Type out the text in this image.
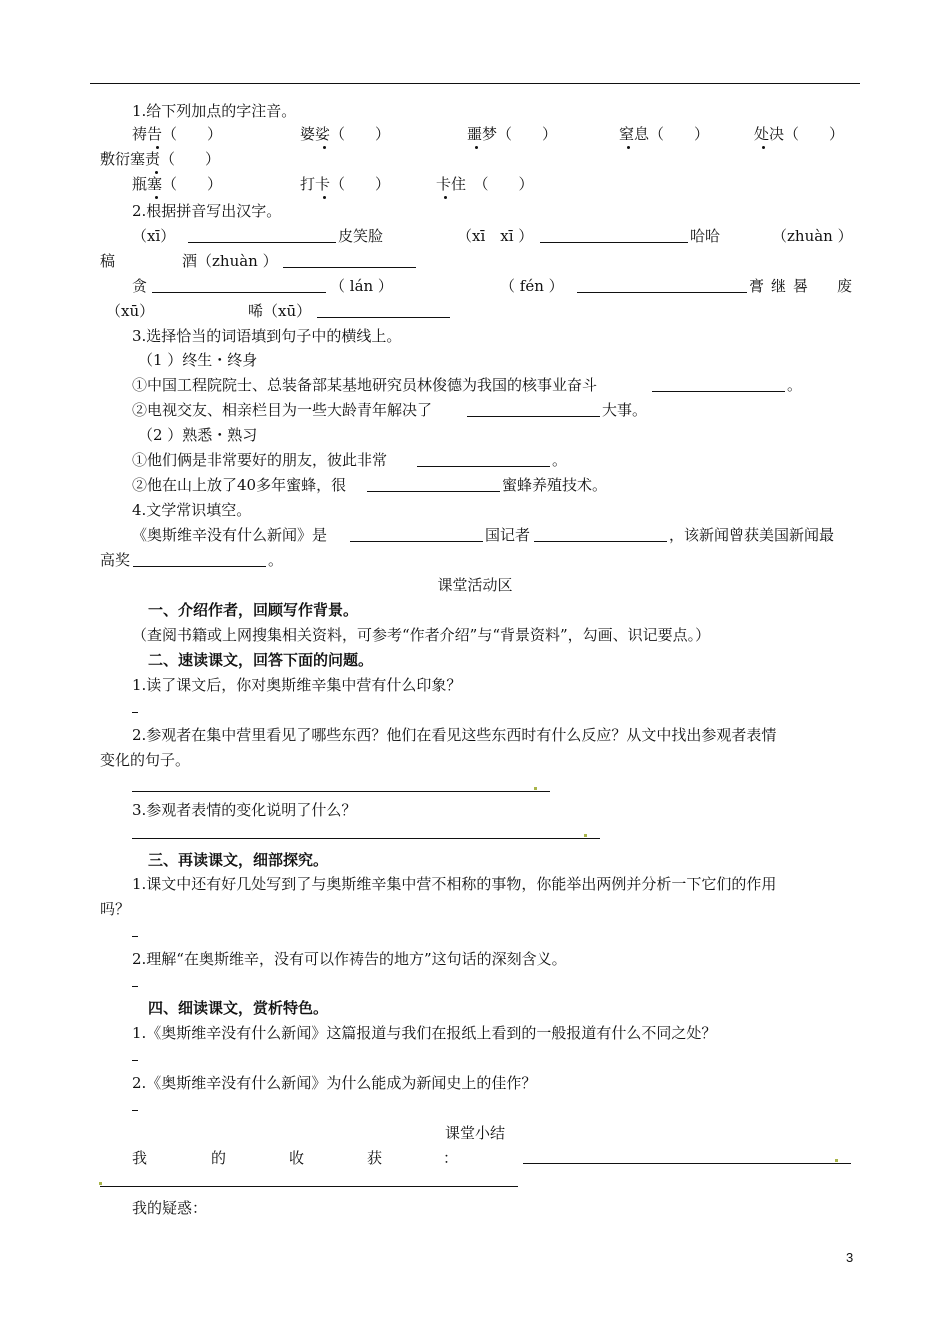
1.给下列加点的字注音。
祷告（　　）	婆娑（　　）	噩梦（　　）	窒息（　　）	处决（　　）
敷衍塞责（　　）
瓶塞（　　）	打卡（　　）	卡住　（　　）
2.根据拼音写出汉字。
（xī）	皮笑脸	（xī　xī ）	哈哈	（zhuàn ）
稿	酒（zhuàn ）
贪	（ lán ）	（ fén ）	膏继晷 废
（xū）	唏（xū）
3.选择恰当的词语填到句子中的横线上。
（1 ）终生・终身
①中国工程院院士、总装备部某基地研究员林俊德为我国的核事业奋斗	。
②电视交友、相亲栏目为一些大龄青年解决了	大事。
（2 ）熟悉・熟习
①他们俩是非常要好的朋友，彼此非常	。
②他在山上放了40多年蜜蜂，很	蜜蜂养殖技术。
4.文学常识填空。
《奥斯维辛没有什么新闻》是	国记者	，该新闻曾获美国新闻最
高奖	。
课堂活动区
一、介绍作者，回顾写作背景。
（查阅书籍或上网搜集相关资料，可参考“作者介绍”与“背景资料”，勾画、识记要点。）
二、速读课文，回答下面的问题。
1.读了课文后，你对奥斯维辛集中营有什么印象？
2.参观者在集中营里看见了哪些东西？他们在看见这些东西时有什么反应？从文中找出参观者表情
变化的句子。
3.参观者表情的变化说明了什么？
三、再读课文，细部探究。
1.课文中还有好几处写到了与奥斯维辛集中营不相称的事物，你能举出两例并分析一下它们的作用
吗？
2.理解“在奥斯维辛，没有可以作祷告的地方”这句话的深刻含义。
四、细读课文，赏析特色。
1.《奥斯维辛没有什么新闻》这篇报道与我们在报纸上看到的一般报道有什么不同之处？
2.《奥斯维辛没有什么新闻》为什么能成为新闻史上的佳作？
课堂小结
我	的	收	获	：
我的疑惑：
3
